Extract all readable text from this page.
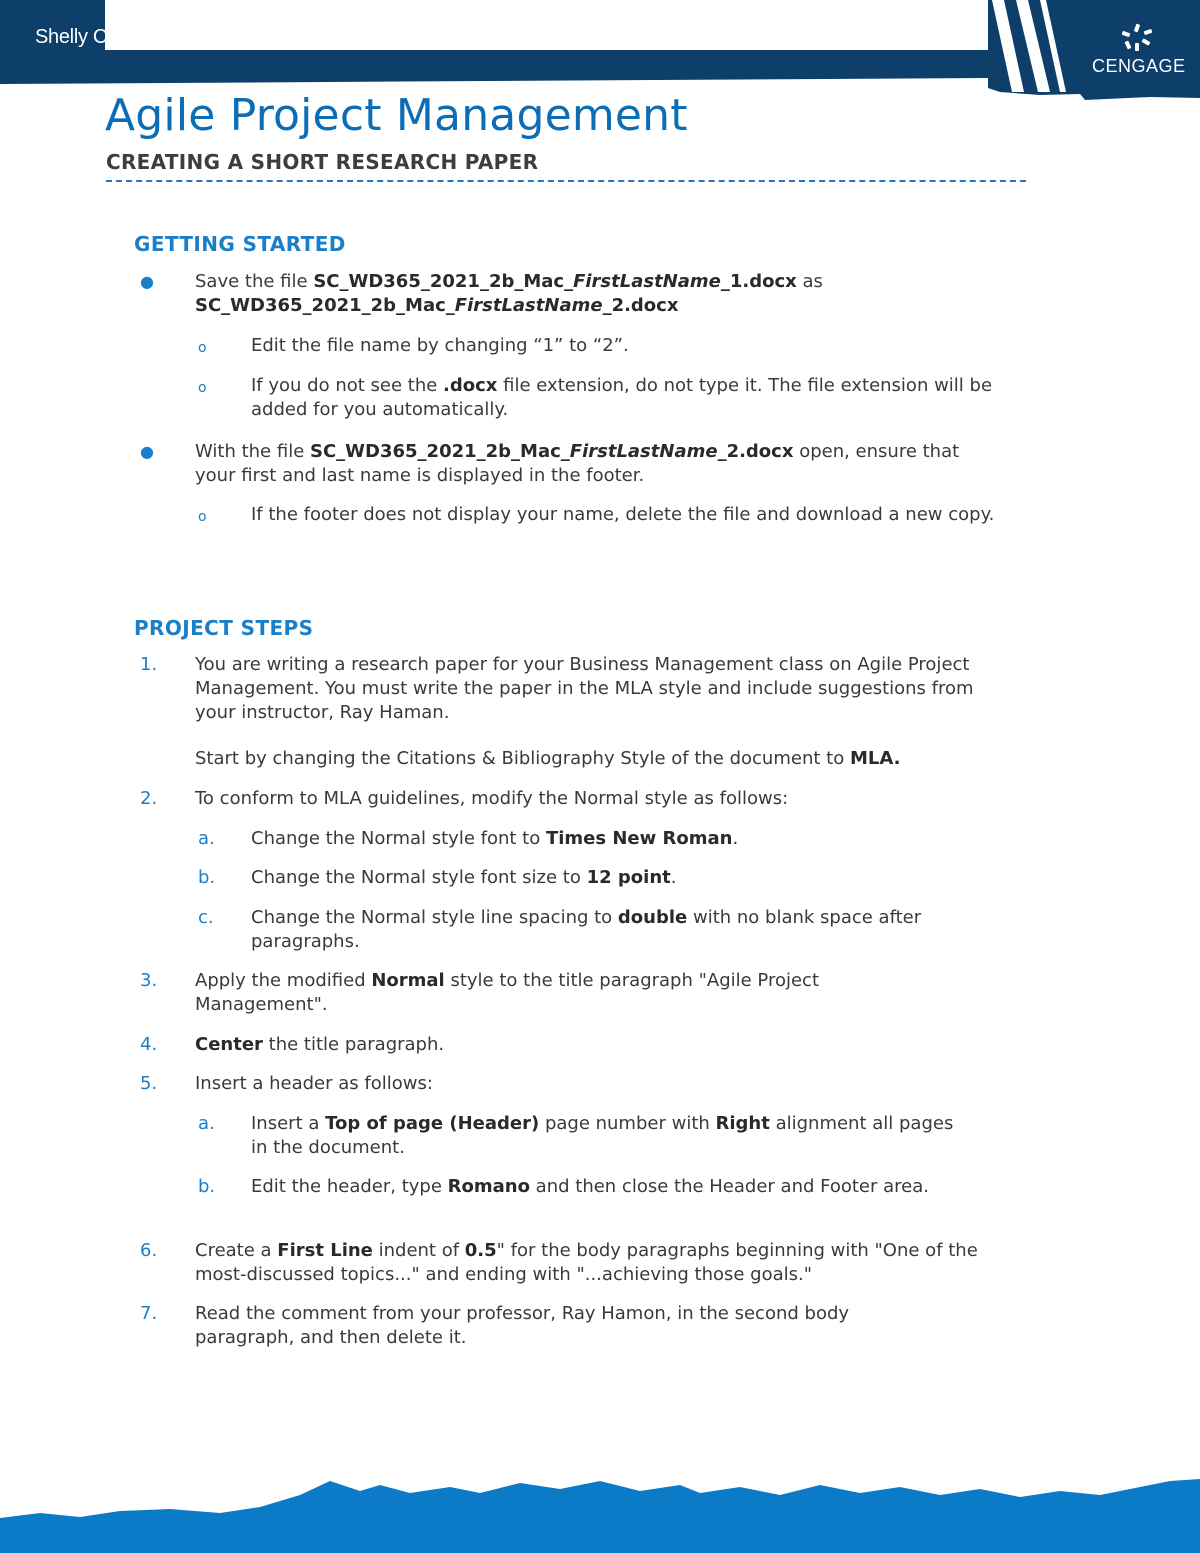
Shelly C
CENGAGE
Agile Project Management
CREATING A SHORT RESEARCH PAPER
GETTING STARTED
● Save the file SC_WD365_2021_2b_Mac_FirstLastName_1.docx as
SC_WD365_2021_2b_Mac_FirstLastName_2.docx
o Edit the file name by changing “1” to “2”.
o If you do not see the .docx file extension, do not type it. The file extension will be added for you automatically.
● With the file SC_WD365_2021_2b_Mac_FirstLastName_2.docx open, ensure that your first and last name is displayed in the footer.
o If the footer does not display your name, delete the file and download a new copy.
PROJECT STEPS
1. You are writing a research paper for your Business Management class on Agile Project Management. You must write the paper in the MLA style and include suggestions from your instructor, Ray Haman.
Start by changing the Citations & Bibliography Style of the document to MLA.
2. To conform to MLA guidelines, modify the Normal style as follows:
a. Change the Normal style font to Times New Roman.
b. Change the Normal style font size to 12 point.
c. Change the Normal style line spacing to double with no blank space after paragraphs.
3. Apply the modified Normal style to the title paragraph "Agile Project Management".
4. Center the title paragraph.
5. Insert a header as follows:
a. Insert a Top of page (Header) page number with Right alignment all pages in the document.
b. Edit the header, type Romano and then close the Header and Footer area.
6. Create a First Line indent of 0.5" for the body paragraphs beginning with "One of the most-discussed topics..." and ending with "...achieving those goals."
7. Read the comment from your professor, Ray Hamon, in the second body paragraph, and then delete it.
